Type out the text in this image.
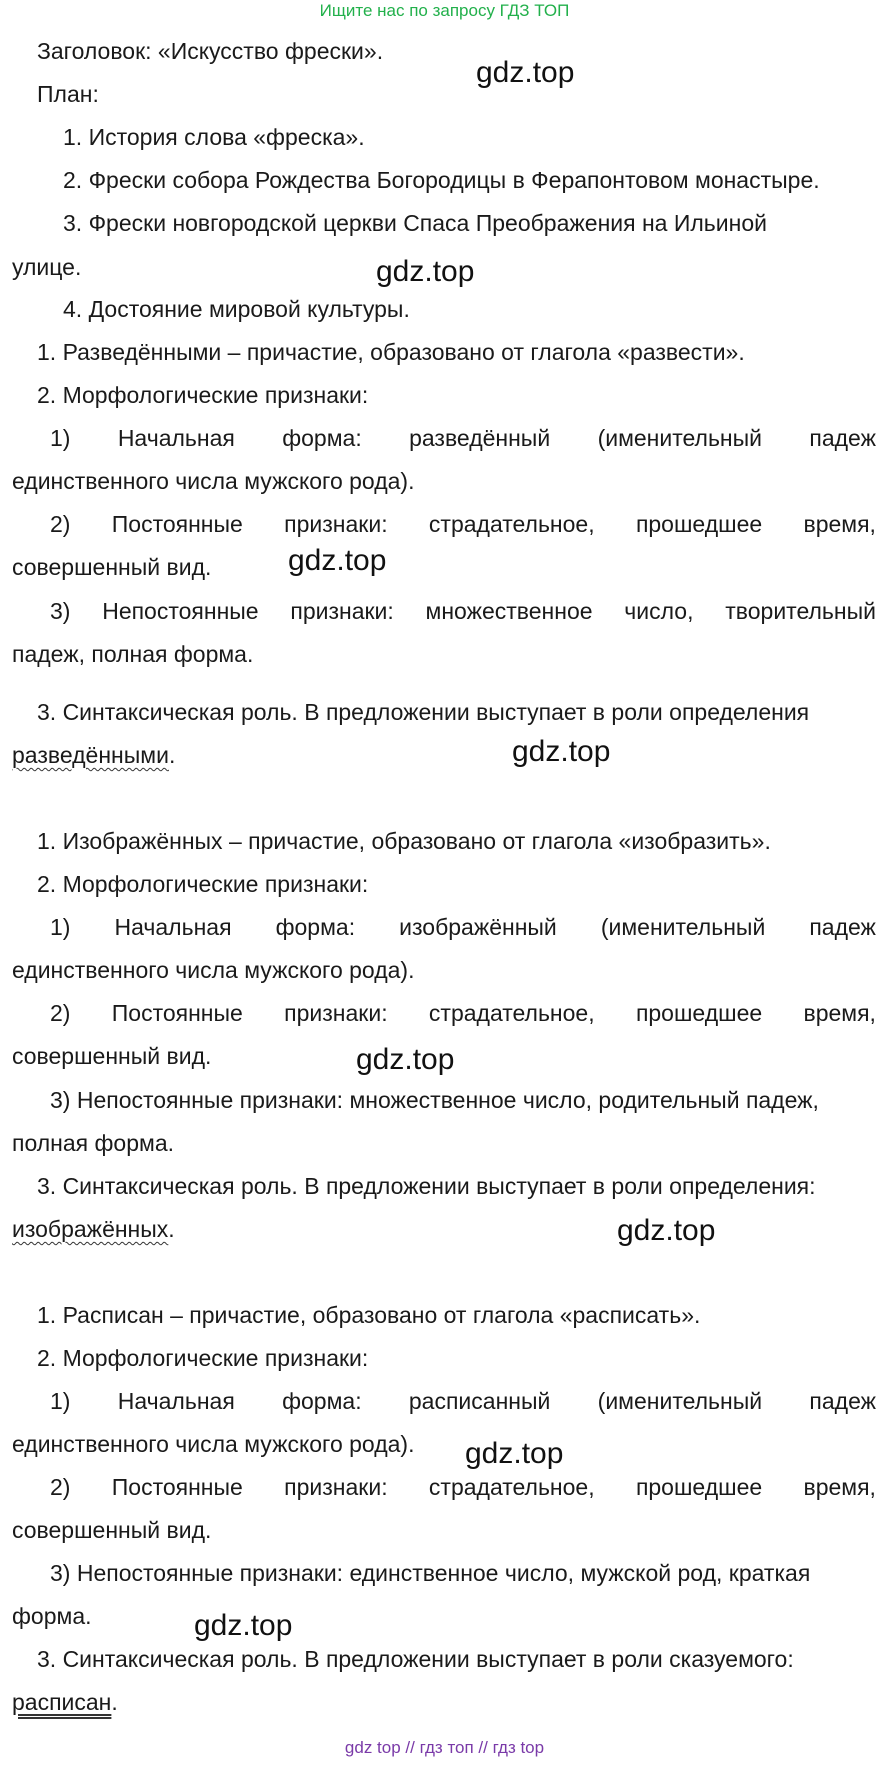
Ищите нас по запросу ГДЗ ТОП
Заголовок: «Искусство фрески».
gdz.top
План:
1. История слова «фреска».
2. Фрески собора Рождества Богородицы в Ферапонтовом монастыре.
3. Фрески новгородской церкви Спаса Преображения на Ильиной
улице.	gdz.top
4. Достояние мировой культуры.
1. Разведёнными – причастие, образовано от глагола «развести».
2. Морфологические признаки:
1) Начальная форма: разведённый (именительный падеж
единственного числа мужского рода).
2) Постоянные признаки: страдательное, прошедшее время,
совершенный вид.	gdz.top
3) Непостоянные признаки: множественное число, творительный
падеж, полная форма.
3. Синтаксическая роль. В предложении выступает в роли определения
разведёнными.	gdz.top
1. Изображённых – причастие, образовано от глагола «изобразить».
2. Морфологические признаки:
1) Начальная форма: изображённый (именительный падеж
единственного числа мужского рода).
2) Постоянные признаки: страдательное, прошедшее время,
совершенный вид.	gdz.top
3) Непостоянные признаки: множественное число, родительный падеж,
полная форма.
3. Синтаксическая роль. В предложении выступает в роли определения:
изображённых.	gdz.top
1. Расписан – причастие, образовано от глагола «расписать».
2. Морфологические признаки:
1) Начальная форма: расписанный (именительный падеж
единственного числа мужского рода). gdz.top
2) Постоянные признаки: страдательное, прошедшее время,
совершенный вид.
3) Непостоянные признаки: единственное число, мужской род, краткая
форма.	gdz.top
3. Синтаксическая роль. В предложении выступает в роли сказуемого:
расписан.
gdz top // гдз топ // гдз top
